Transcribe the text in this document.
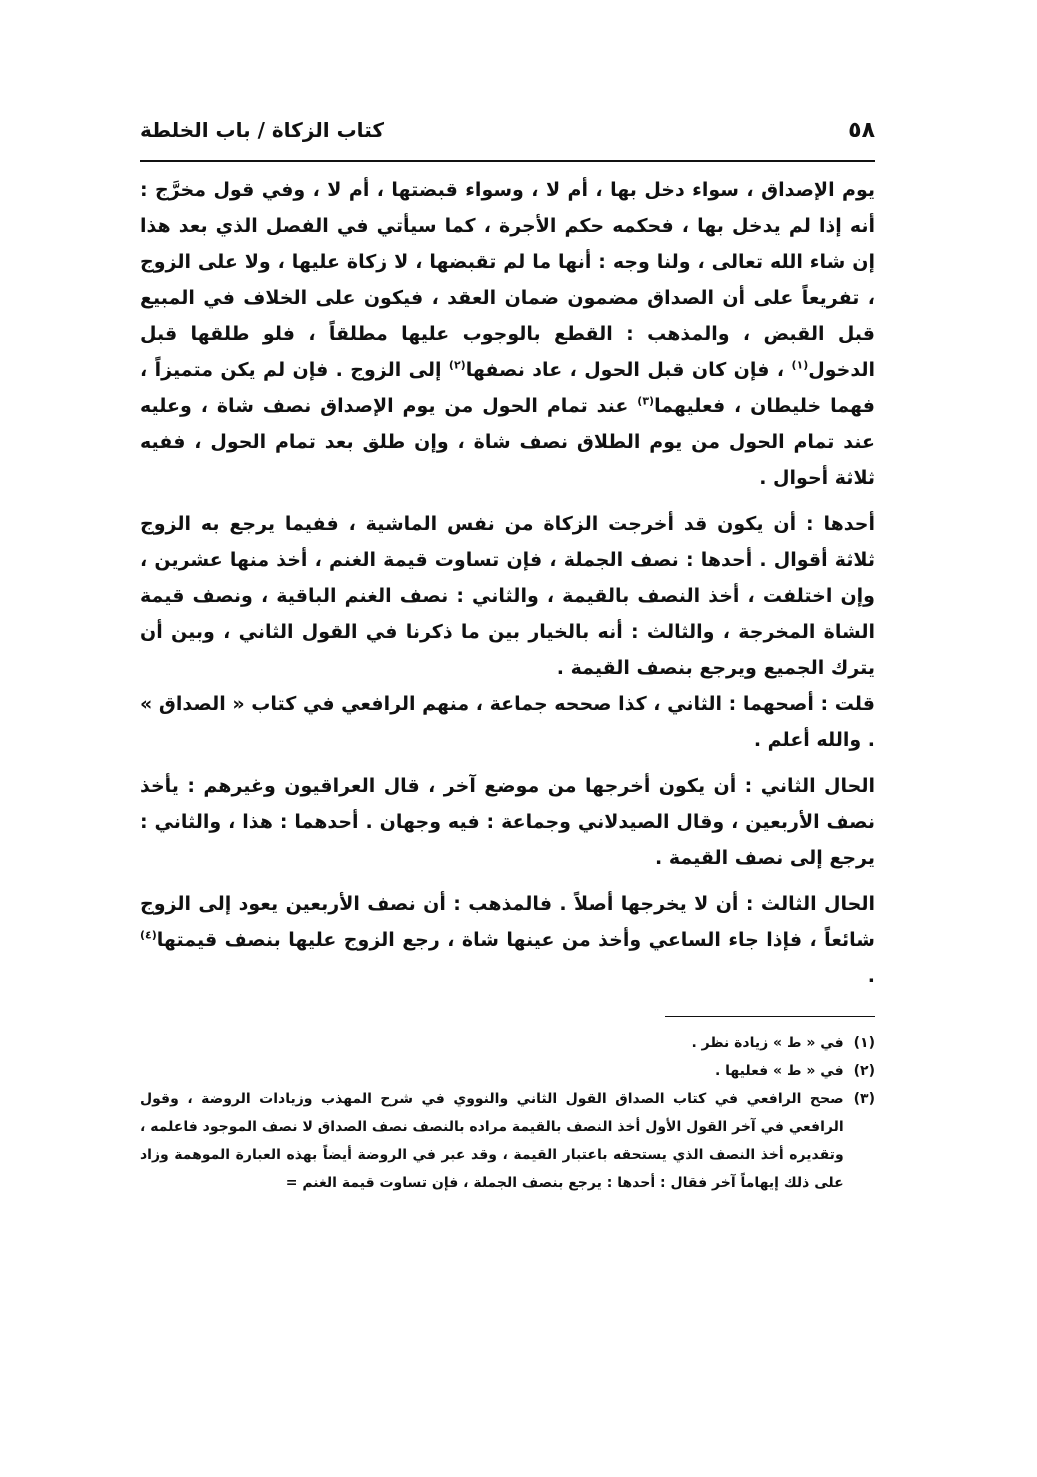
٥٨
كتاب الزكاة / باب الخلطة

يوم الإصداق ، سواء دخل بها ، أم لا ، وسواء قبضتها ، أم لا ، وفي قول مخرَّج : أنه إذا لم يدخل بها ، فحكمه حكم الأجرة ، كما سيأتي في الفصل الذي بعد هذا إن شاء الله تعالى ، ولنا وجه : أنها ما لم تقبضها ، لا زكاة عليها ، ولا على الزوج ، تفريعاً على أن الصداق مضمون ضمان العقد ، فيكون على الخلاف في المبيع قبل القبض ، والمذهب : القطع بالوجوب عليها مطلقاً ، فلو طلقها قبل الدخول$^{(١)}$ ، فإن كان قبل الحول ، عاد نصفها$^{(٢)}$ إلى الزوج . فإن لم يكن متميزاً ، فهما خليطان ، فعليهما$^{(٣)}$ عند تمام الحول من يوم الإصداق نصف شاة ، وعليه عند تمام الحول من يوم الطلاق نصف شاة ، وإن طلق بعد تمام الحول ، ففيه ثلاثة أحوال .

أحدها : أن يكون قد أخرجت الزكاة من نفس الماشية ، ففيما يرجع به الزوج ثلاثة أقوال . أحدها : نصف الجملة ، فإن تساوت قيمة الغنم ، أخذ منها عشرين ، وإن اختلفت ، أخذ النصف بالقيمة ، والثاني : نصف الغنم الباقية ، ونصف قيمة الشاة المخرجة ، والثالث : أنه بالخيار بين ما ذكرنا في القول الثاني ، وبين أن يترك الجميع ويرجع بنصف القيمة .

قلت : أصحهما : الثاني ، كذا صححه جماعة ، منهم الرافعي في كتاب « الصداق » . والله أعلم .

الحال الثاني : أن يكون أخرجها من موضع آخر ، قال العراقيون وغيرهم : يأخذ نصف الأربعين ، وقال الصيدلاني وجماعة : فيه وجهان . أحدهما : هذا ، والثاني : يرجع إلى نصف القيمة .

الحال الثالث : أن لا يخرجها أصلاً . فالمذهب : أن نصف الأربعين يعود إلى الزوج شائعاً ، فإذا جاء الساعي وأخذ من عينها شاة ، رجع الزوج عليها بنصف قيمتها$^{(٤)}$ .

(١)
في « ط » زيادة نظر .
(٢)
في « ط » فعليها .
(٣)
صحح الرافعي في كتاب الصداق القول الثاني والنووي في شرح المهذب وزيادات الروضة ، وقول الرافعي في آخر القول الأول أخذ النصف بالقيمة مراده بالنصف نصف الصداق لا نصف الموجود فاعلمه ، وتقديره أخذ النصف الذي يستحقه باعتبار القيمة ، وقد عبر في الروضة أيضاً بهذه العبارة الموهمة وزاد على ذلك إيهاماً آخر فقال : أحدها : يرجع بنصف الجملة ، فإن تساوت قيمة الغنم =
